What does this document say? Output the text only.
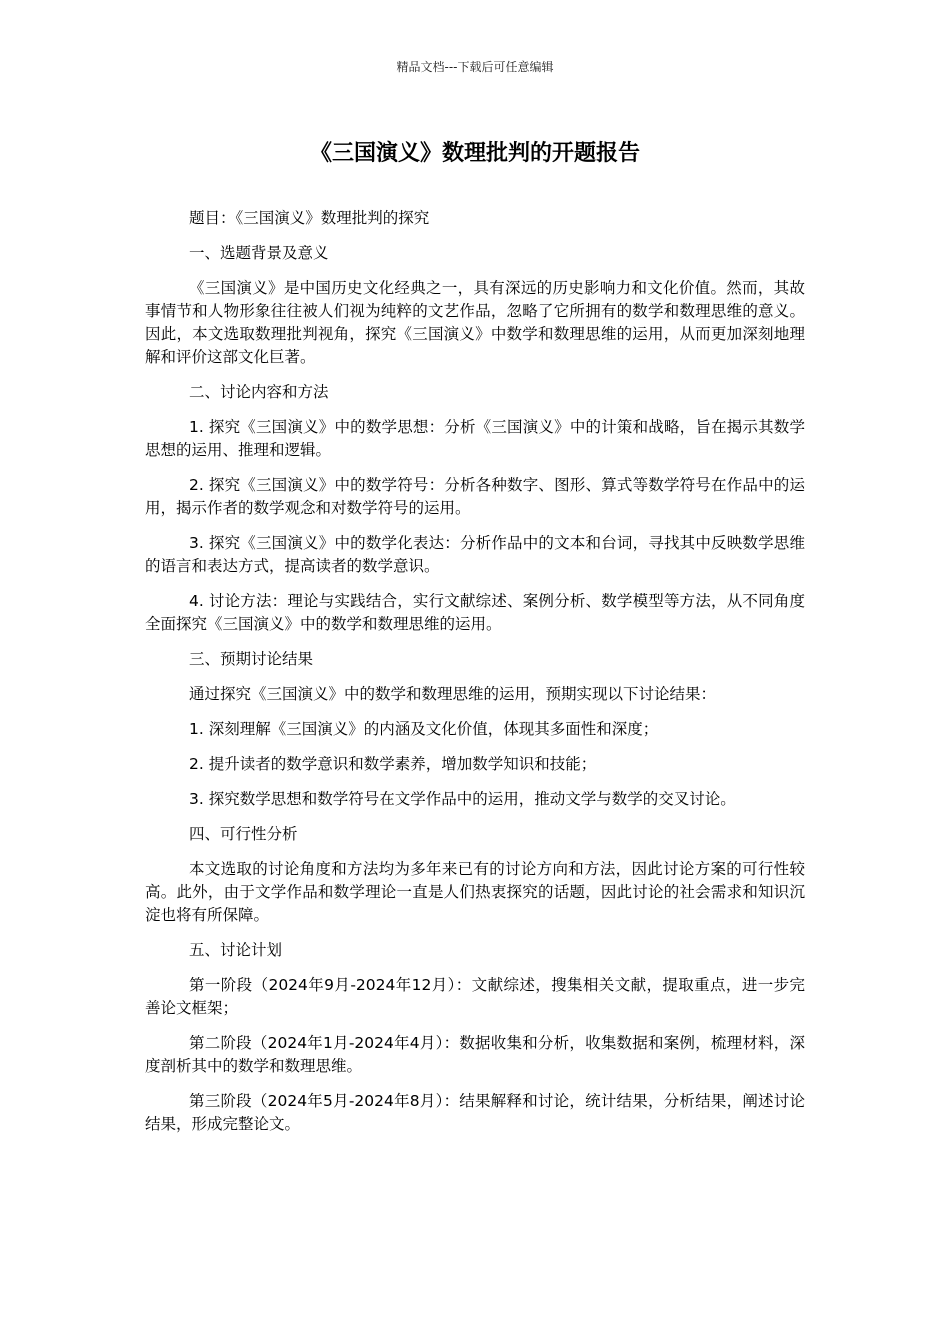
精品文档---下载后可任意编辑
《三国演义》数理批判的开题报告

题目：《三国演义》数理批判的探究

一、选题背景及意义

《三国演义》是中国历史文化经典之一，具有深远的历史影响力和文化价值。然而，其故事情节和人物形象往往被人们视为纯粹的文艺作品，忽略了它所拥有的数学和数理思维的意义。因此，本文选取数理批判视角，探究《三国演义》中数学和数理思维的运用，从而更加深刻地理解和评价这部文化巨著。

二、讨论内容和方法

1. 探究《三国演义》中的数学思想：分析《三国演义》中的计策和战略，旨在揭示其数学思想的运用、推理和逻辑。

2. 探究《三国演义》中的数学符号：分析各种数字、图形、算式等数学符号在作品中的运用，揭示作者的数学观念和对数学符号的运用。

3. 探究《三国演义》中的数学化表达：分析作品中的文本和台词，寻找其中反映数学思维的语言和表达方式，提高读者的数学意识。

4. 讨论方法：理论与实践结合，实行文献综述、案例分析、数学模型等方法，从不同角度全面探究《三国演义》中的数学和数理思维的运用。

三、预期讨论结果

通过探究《三国演义》中的数学和数理思维的运用，预期实现以下讨论结果：

1. 深刻理解《三国演义》的内涵及文化价值，体现其多面性和深度；

2. 提升读者的数学意识和数学素养，增加数学知识和技能；

3. 探究数学思想和数学符号在文学作品中的运用，推动文学与数学的交叉讨论。

四、可行性分析

本文选取的讨论角度和方法均为多年来已有的讨论方向和方法，因此讨论方案的可行性较高。此外，由于文学作品和数学理论一直是人们热衷探究的话题，因此讨论的社会需求和知识沉淀也将有所保障。

五、讨论计划

第一阶段（2024年9月-2024年12月）：文献综述，搜集相关文献，提取重点，进一步完善论文框架；

第二阶段（2024年1月-2024年4月）：数据收集和分析，收集数据和案例，梳理材料，深度剖析其中的数学和数理思维。

第三阶段（2024年5月-2024年8月）：结果解释和讨论，统计结果，分析结果，阐述讨论结果，形成完整论文。
